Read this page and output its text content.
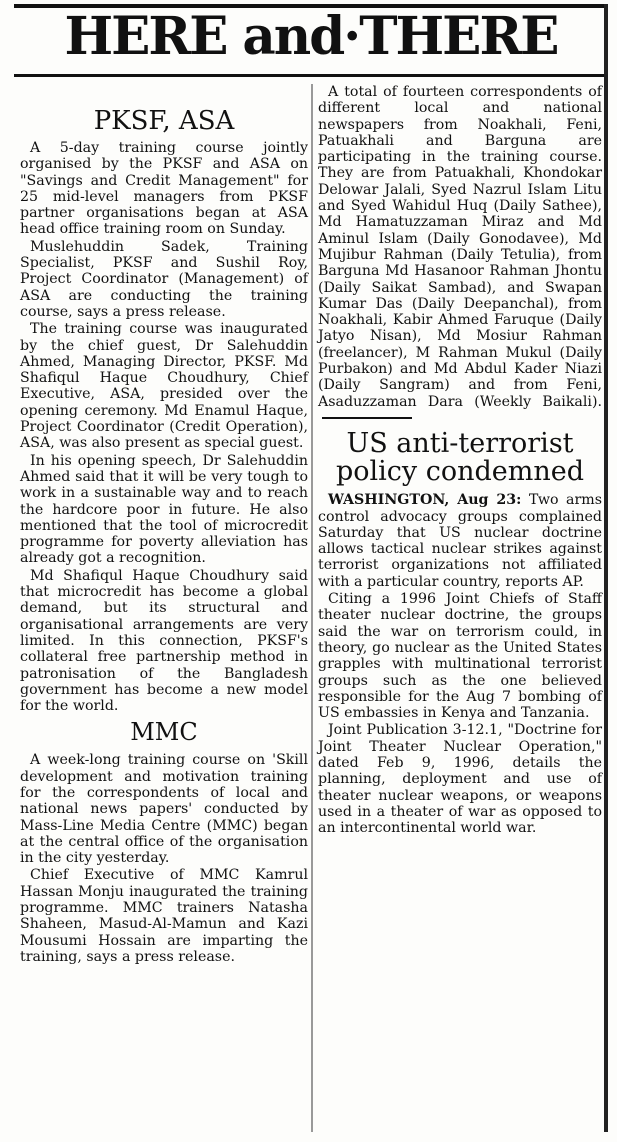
HERE and·THERE
PKSF, ASA

A 5-day training course jointly organised by the PKSF and ASA on "Savings and Credit Management" for 25 mid-level managers from PKSF partner organisations began at ASA head office training room on Sunday.

Muslehuddin Sadek, Training Specialist, PKSF and Sushil Roy, Project Coordinator (Management) of ASA are conducting the training course, says a press release.

The training course was inaugurated by the chief guest, Dr Salehuddin Ahmed, Managing Director, PKSF. Md Shafiqul Haque Choudhury, Chief Executive, ASA, presided over the opening ceremony. Md Enamul Haque, Project Coordinator (Credit Operation), ASA, was also present as special guest.

In his opening speech, Dr Salehuddin Ahmed said that it will be very tough to work in a sustainable way and to reach the hardcore poor in future. He also mentioned that the tool of microcredit programme for poverty alleviation has already got a recognition.

Md Shafiqul Haque Choudhury said that microcredit has become a global demand, but its structural and organisational arrangements are very limited. In this connection, PKSF's collateral free partnership method in patronisation of the Bangladesh government has become a new model for the world.

MMC

A week-long training course on 'Skill development and motivation training for the correspondents of local and national news papers' conducted by Mass-Line Media Centre (MMC) began at the central office of the organisation in the city yesterday.

Chief Executive of MMC Kamrul Hassan Monju inaugurated the training programme. MMC trainers Natasha Shaheen, Masud-Al-Mamun and Kazi Mousumi Hossain are imparting the training, says a press release.

A total of fourteen correspondents of different local and national newspapers from Noakhali, Feni, Patuakhali and Barguna are participating in the training course. They are from Patuakhali, Khondokar Delowar Jalali, Syed Nazrul Islam Litu and Syed Wahidul Huq (Daily Sathee), Md Hamatuzzaman Miraz and Md Aminul Islam (Daily Gonodavee), Md Mujibur Rahman (Daily Tetulia), from Barguna Md Hasanoor Rahman Jhontu (Daily Saikat Sambad), and Swapan Kumar Das (Daily Deepanchal), from Noakhali, Kabir Ahmed Faruque (Daily Jatyo Nisan), Md Mosiur Rahman (freelancer), M Rahman Mukul (Daily Purbakon) and Md Abdul Kader Niazi (Daily Sangram) and from Feni, Asaduzzaman Dara (Weekly Baikali).

US anti-terrorist policy condemned

WASHINGTON, Aug 23: Two arms control advocacy groups complained Saturday that US nuclear doctrine allows tactical nuclear strikes against terrorist organizations not affiliated with a particular country, reports AP.

Citing a 1996 Joint Chiefs of Staff theater nuclear doctrine, the groups said the war on terrorism could, in theory, go nuclear as the United States grapples with multinational terrorist groups such as the one believed responsible for the Aug 7 bombing of US embassies in Kenya and Tanzania.

Joint Publication 3-12.1, "Doctrine for Joint Theater Nuclear Operation," dated Feb 9, 1996, details the planning, deployment and use of theater nuclear weapons, or weapons used in a theater of war as opposed to an intercontinental world war.
